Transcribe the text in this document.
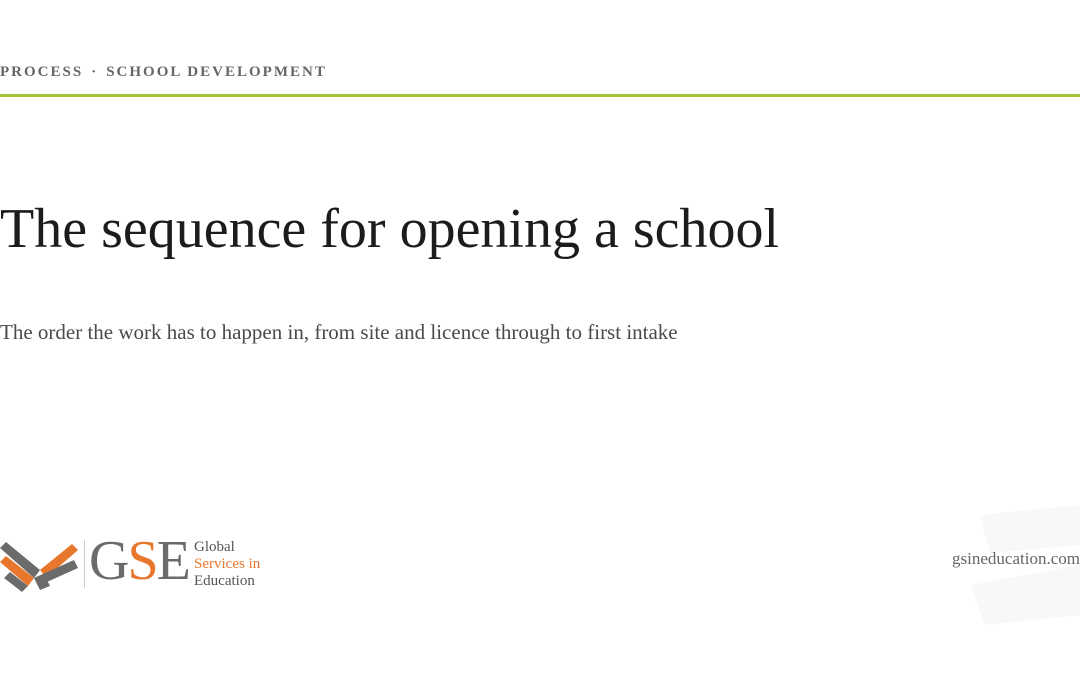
PROCESS · SCHOOL DEVELOPMENT

The sequence for opening a school

The order the work has to happen in, from site and licence through to first intake

GSE Global
Services in
Education

gsineducation.com
